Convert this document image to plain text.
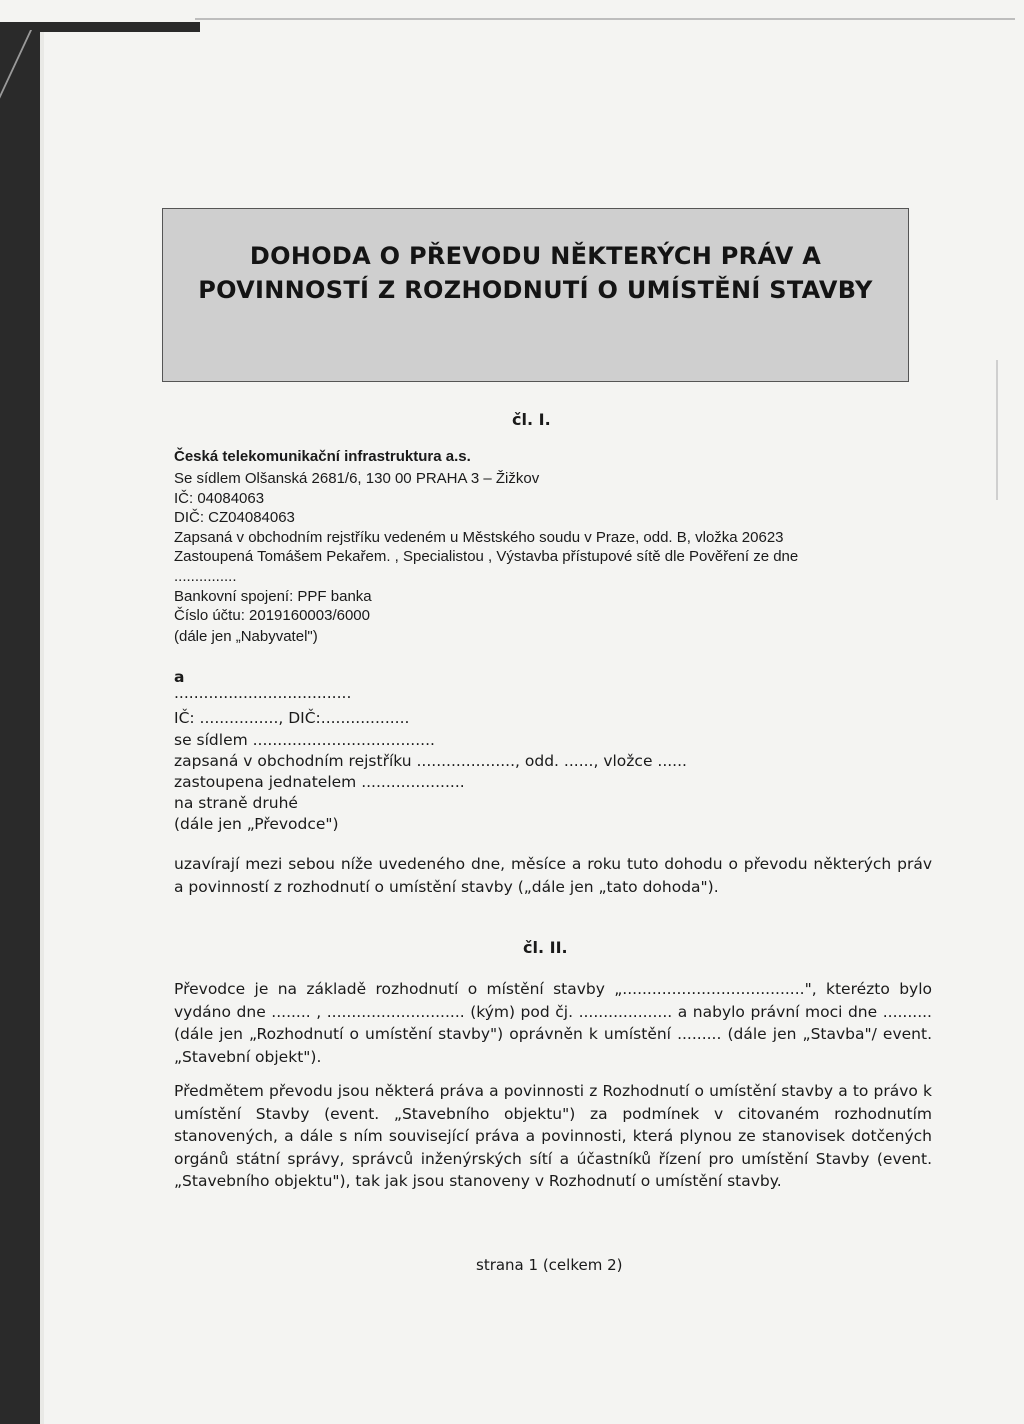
DOHODA O PŘEVODU NĚKTERÝCH PRÁV A
POVINNOSTÍ Z ROZHODNUTÍ O UMÍSTĚNÍ STAVBY
čl. I.
Česká telekomunikační infrastruktura a.s.
Se sídlem Olšanská 2681/6, 130 00 PRAHA 3 – Žižkov
IČ: 04084063
DIČ: CZ04084063
Zapsaná v obchodním rejstříku vedeném u Městského soudu v Praze, odd. B, vložka 20623
Zastoupená Tomášem Pekařem. , Specialistou , Výstavba přístupové sítě dle Pověření ze dne
...............
Bankovní spojení: PPF banka
Číslo účtu: 2019160003/6000
(dále jen „Nabyvatel")
a
....................................
IČ: ................, DIČ:..................
se sídlem .....................................
zapsaná v obchodním rejstříku ...................., odd. ......, vložce ......
zastoupena jednatelem .....................
na straně druhé
(dále jen „Převodce")
uzavírají mezi sebou níže uvedeného dne, měsíce a roku tuto dohodu o převodu některých práv a povinností z rozhodnutí o umístění stavby („dále jen „tato dohoda").
čl. II.
Převodce je na základě rozhodnutí o místění stavby „.....................................", kterézto bylo vydáno dne ........ , ............................ (kým) pod čj. ................... a nabylo právní moci dne .......... (dále jen „Rozhodnutí o umístění stavby") oprávněn k umístění ......... (dále jen „Stavba"/ event. „Stavební objekt").
Předmětem převodu jsou některá práva a povinnosti z Rozhodnutí o umístění stavby a to právo k umístění Stavby (event. „Stavebního objektu") za podmínek v citovaném rozhodnutím stanovených, a dále s ním související práva a povinnosti, která plynou ze stanovisek dotčených orgánů státní správy, správců inženýrských sítí a účastníků řízení pro umístění Stavby (event. „Stavebního objektu"), tak jak jsou stanoveny v Rozhodnutí o umístění stavby.
strana 1 (celkem 2)
